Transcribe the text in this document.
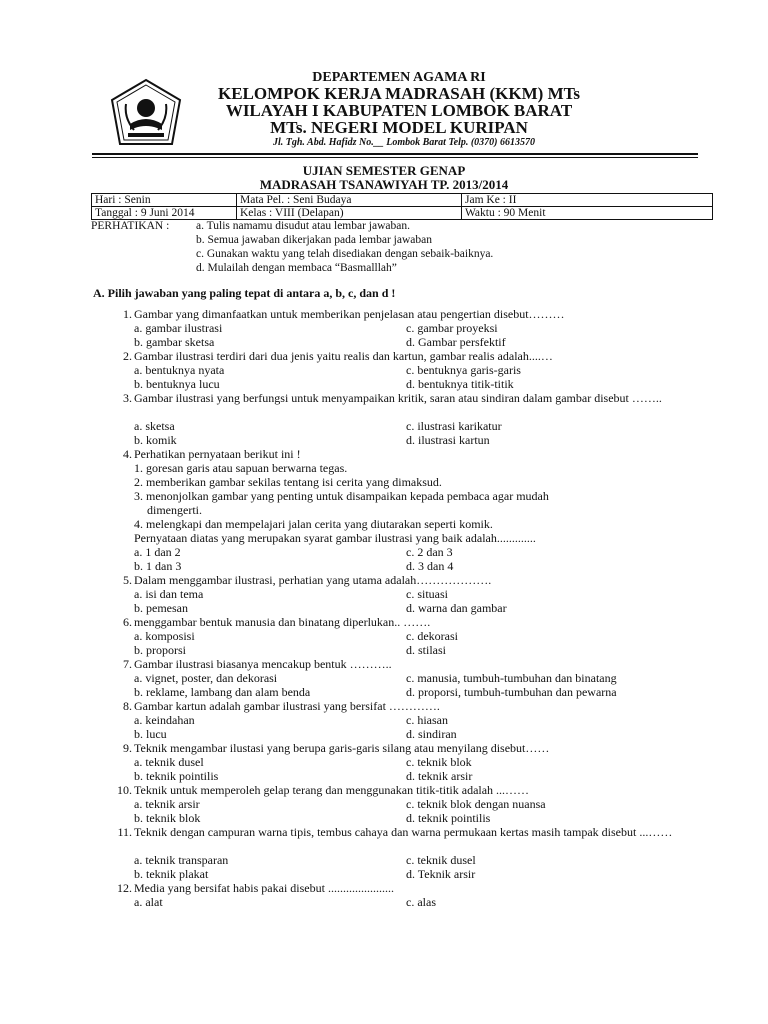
DEPARTEMEN AGAMA RI
KELOMPOK KERJA MADRASAH (KKM) MTs
WILAYAH I KABUPATEN LOMBOK BARAT
MTs. NEGERI MODEL KURIPAN
Jl. Tgh. Abd. Hafidz No.__ Lombok Barat Telp. (0370) 6613570
UJIAN SEMESTER GENAP
MADRASAH TSANAWIYAH TP. 2013/2014
Hari : Senin	Mata Pel. : Seni Budaya	Jam Ke : II
Tanggal : 9 Juni 2014	Kelas : VIII (Delapan)	Waktu : 90 Menit
PERHATIKAN : a. Tulis namamu disudut atau lembar jawaban.
b. Semua jawaban dikerjakan pada lembar jawaban
c. Gunakan waktu yang telah disediakan dengan sebaik-baiknya.
d. Mulailah dengan membaca “Basmalllah”
A. Pilih jawaban yang paling tepat di antara a, b, c, dan d !
1. Gambar yang dimanfaatkan untuk memberikan penjelasan atau pengertian disebut………
a. gambar ilustrasi	c. gambar proyeksi
b. gambar sketsa	d. Gambar persfektif
2. Gambar ilustrasi terdiri dari dua jenis yaitu realis dan kartun, gambar realis adalah....…
a. bentuknya nyata	c. bentuknya garis-garis
b. bentuknya lucu	d. bentuknya titik-titik
3. Gambar ilustrasi yang berfungsi untuk menyampaikan kritik, saran atau sindiran dalam gambar disebut ……..
a. sketsa	c. ilustrasi karikatur
b. komik	d. ilustrasi kartun
4. Perhatikan pernyataan berikut ini !
1. goresan garis atau sapuan berwarna tegas.
2. memberikan gambar sekilas tentang isi cerita yang dimaksud.
3. menonjolkan gambar yang penting untuk disampaikan kepada pembaca agar mudah
dimengerti.
4. melengkapi dan mempelajari jalan cerita yang diutarakan seperti komik.
Pernyataan diatas yang merupakan syarat gambar ilustrasi yang baik adalah.............
a. 1 dan 2	c. 2 dan 3
b. 1 dan 3	d. 3 dan 4
5. Dalam menggambar ilustrasi, perhatian yang utama adalah……………….
a. isi dan tema	c. situasi
b. pemesan	d. warna dan gambar
6. menggambar bentuk manusia dan binatang diperlukan.. …….
a. komposisi	c. dekorasi
b. proporsi	d. stilasi
7. Gambar ilustrasi biasanya mencakup bentuk ………..
a. vignet, poster, dan dekorasi	c. manusia, tumbuh-tumbuhan dan binatang
b. reklame, lambang dan alam benda	d. proporsi, tumbuh-tumbuhan dan pewarna
8. Gambar kartun adalah gambar ilustrasi yang bersifat ………….
a. keindahan	c. hiasan
b. lucu	d. sindiran
9. Teknik mengambar ilustasi yang berupa garis-garis silang atau menyilang disebut……
a. teknik dusel	c. teknik blok
b. teknik pointilis	d. teknik arsir
10. Teknik untuk memperoleh gelap terang dan menggunakan titik-titik adalah ...……
a. teknik arsir	c. teknik blok dengan nuansa
b. teknik blok	d. teknik pointilis
11. Teknik dengan campuran warna tipis, tembus cahaya dan warna permukaan kertas masih tampak disebut ...……
a. teknik transparan	c. teknik dusel
b. teknik plakat	d. Teknik arsir
12. Media yang bersifat habis pakai disebut ......................
a. alat	c. alas
